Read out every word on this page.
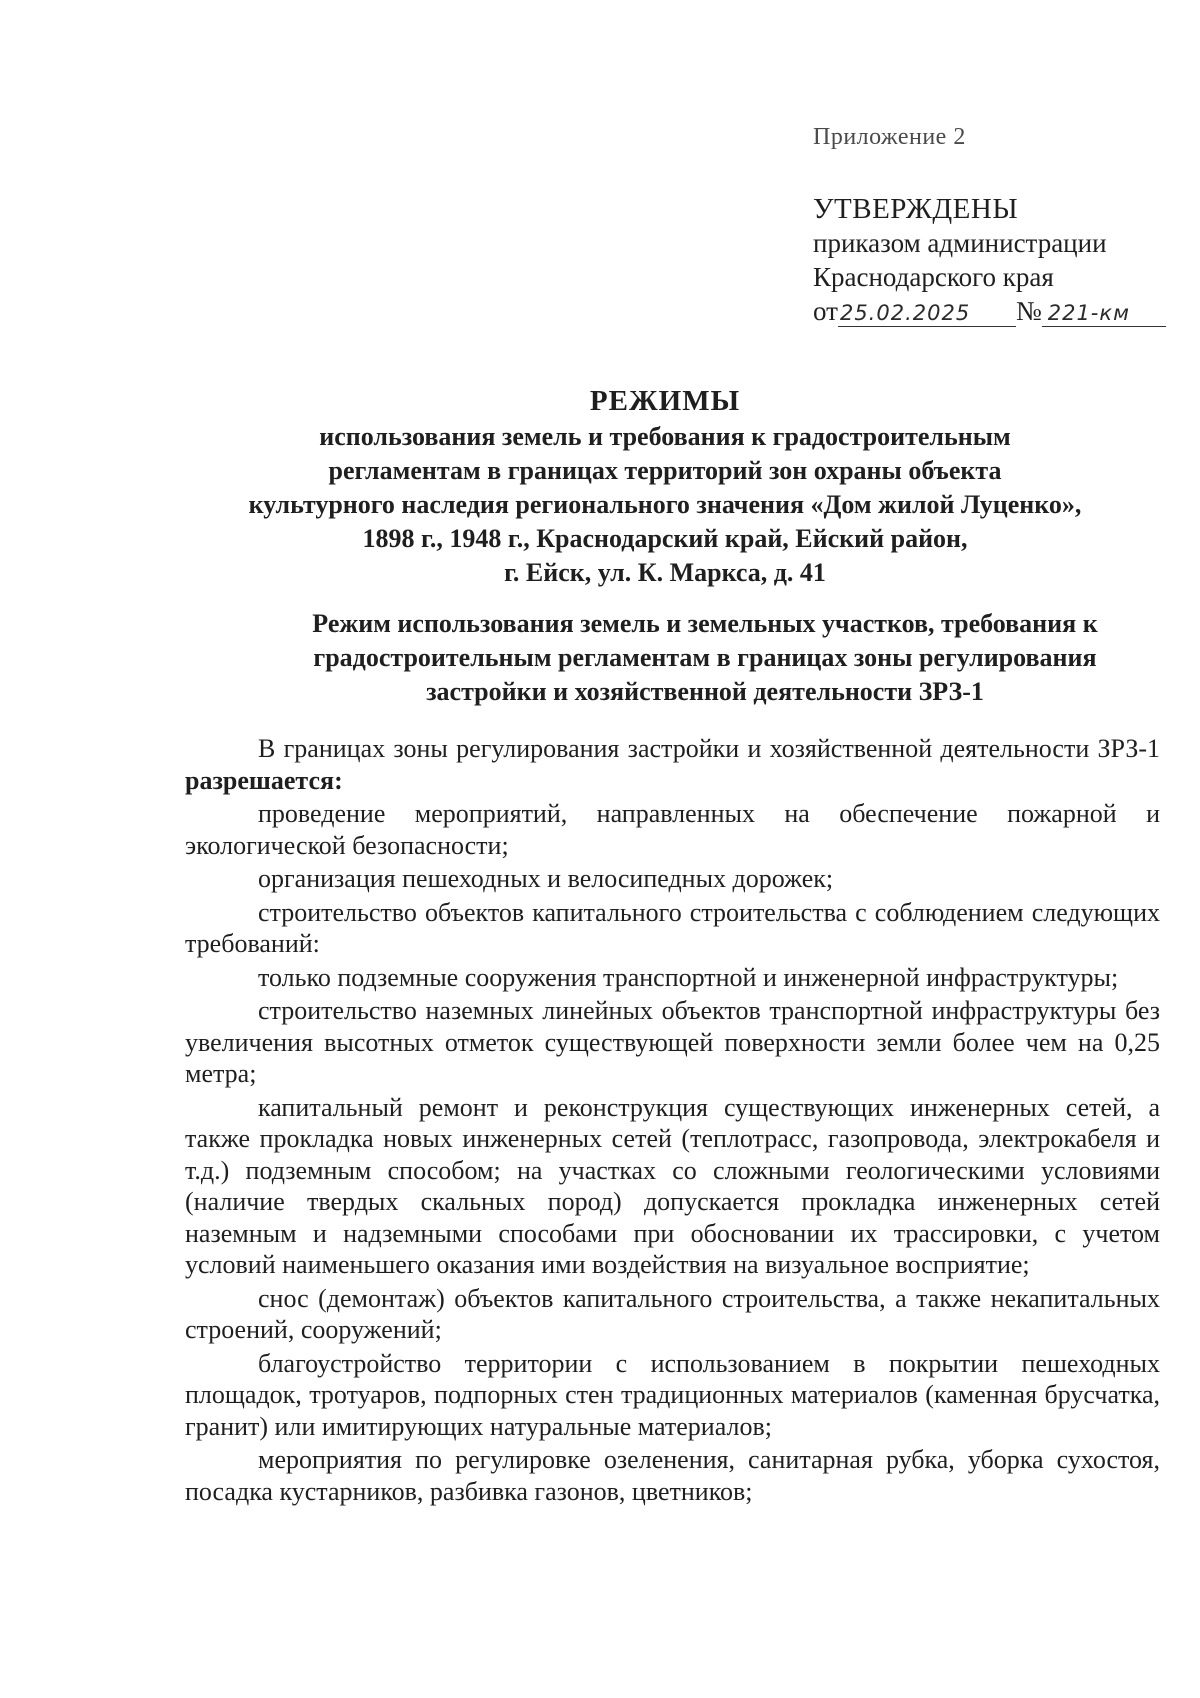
Приложение 2
УТВЕРЖДЕНЫ
приказом администрации
Краснодарского края
от25.02.2025 № 221-км
РЕЖИМЫ
использования земель и требования к градостроительным
регламентам в границах территорий зон охраны объекта
культурного наследия регионального значения «Дом жилой Луценко»,
1898 г., 1948 г., Краснодарский край, Ейский район,
г. Ейск, ул. К. Маркса, д. 41
Режим использования земель и земельных участков, требования к
градостроительным регламентам в границах зоны регулирования
застройки и хозяйственной деятельности ЗРЗ-1

В границах зоны регулирования застройки и хозяйственной деятельности ЗРЗ-1 разрешается:

проведение мероприятий, направленных на обеспечение пожарной и экологической безопасности;

организация пешеходных и велосипедных дорожек;

строительство объектов капитального строительства с соблюдением следующих требований:

только подземные сооружения транспортной и инженерной инфраструктуры;

строительство наземных линейных объектов транспортной инфраструктуры без увеличения высотных отметок существующей поверхности земли более чем на 0,25 метра;

капитальный ремонт и реконструкция существующих инженерных сетей, а также прокладка новых инженерных сетей (теплотрасс, газопровода, электрокабеля и т.д.) подземным способом; на участках со сложными геологическими условиями (наличие твердых скальных пород) допускается прокладка инженерных сетей наземным и надземными способами при обосновании их трассировки, с учетом условий наименьшего оказания ими воздействия на визуальное восприятие;

снос (демонтаж) объектов капитального строительства, а также некапитальных строений, сооружений;

благоустройство территории с использованием в покрытии пешеходных площадок, тротуаров, подпорных стен традиционных материалов (каменная брусчатка, гранит) или имитирующих натуральные материалов;

мероприятия по регулировке озеленения, санитарная рубка, уборка сухостоя, посадка кустарников, разбивка газонов, цветников;
